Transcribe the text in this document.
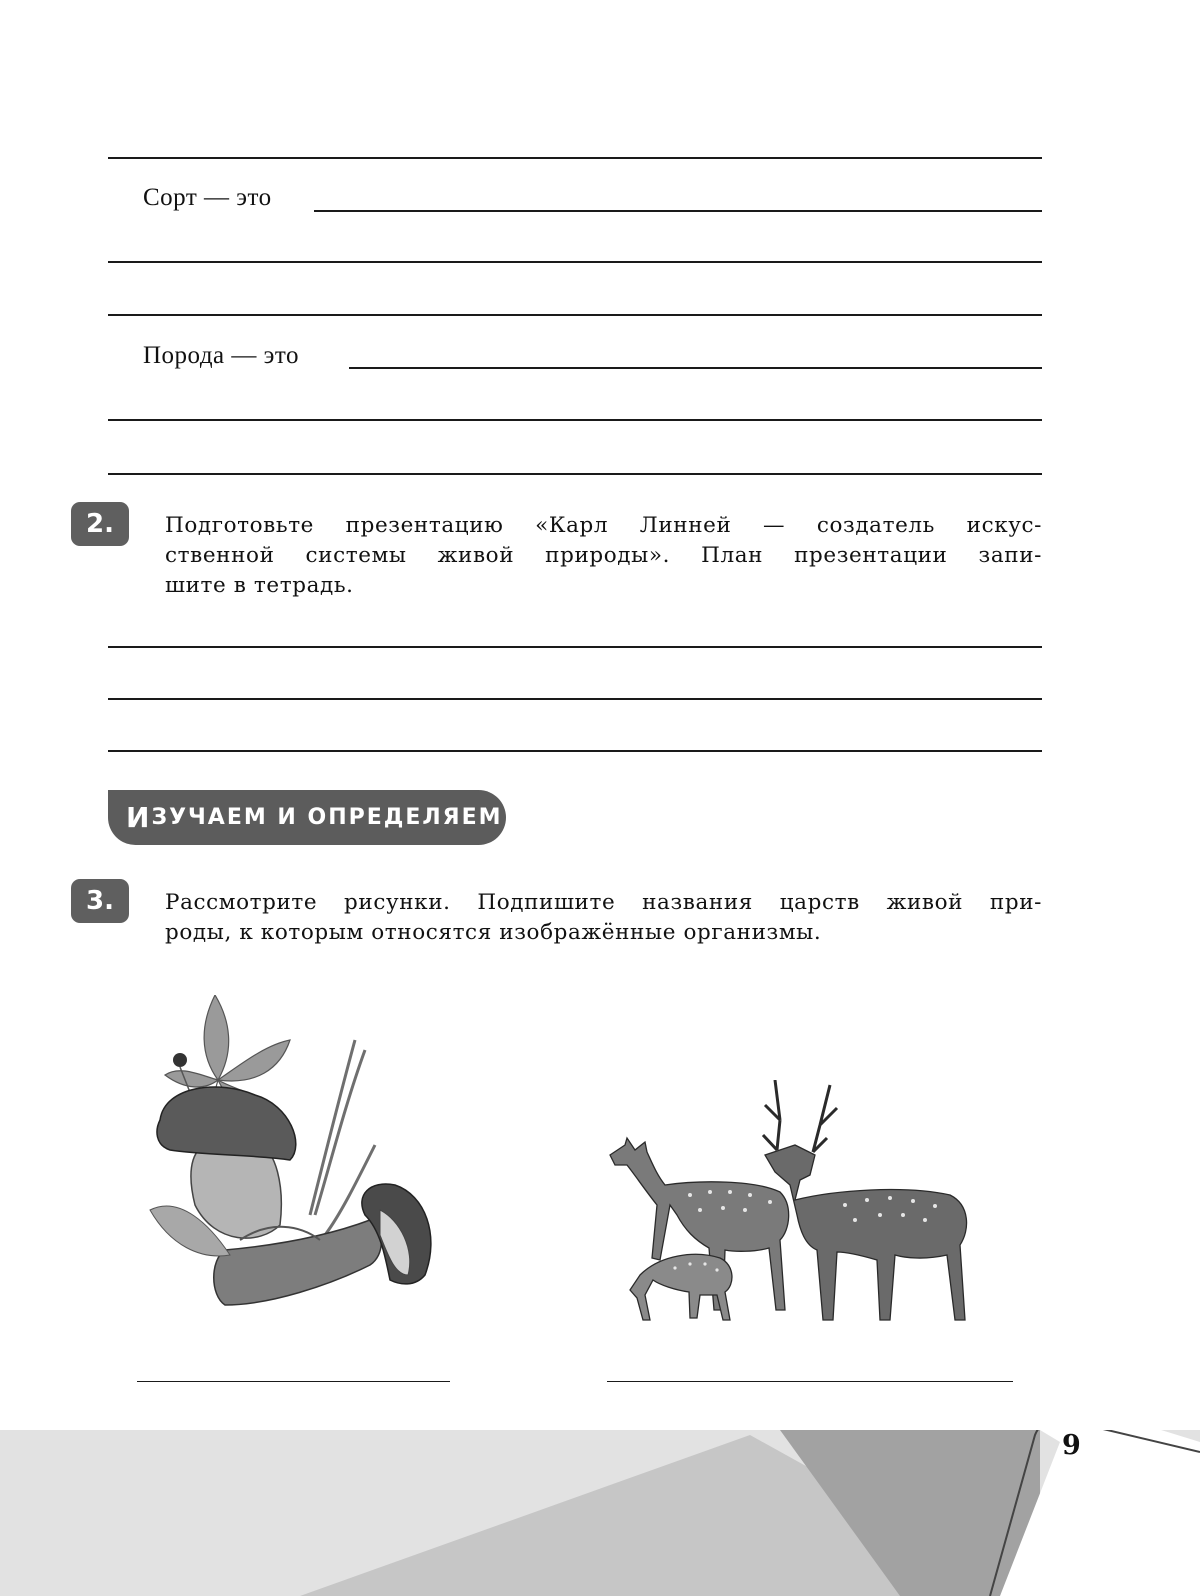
Сорт — это
Порода — это
2.	Подготовьте презентацию «Карл Линней — создатель искус-
ственной системы живой природы». План презентации запи-
шите в тетрадь.
И ЗУЧАЕМ И ОПРЕДЕЛЯЕМ
3.	Рассмотрите рисунки. Подпишите названия царств живой при-
роды, к которым относятся изображённые организмы.
9
